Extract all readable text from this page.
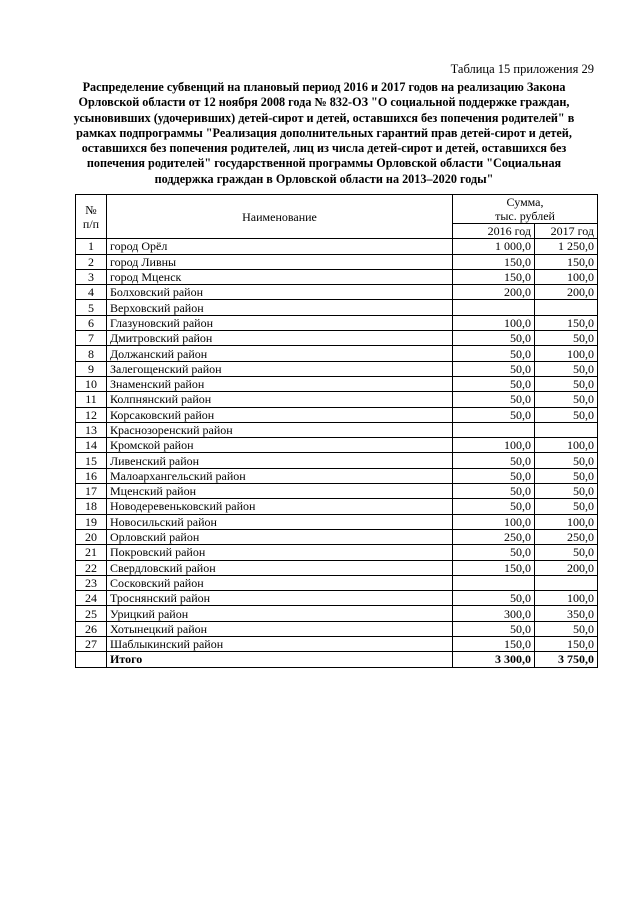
Таблица 15 приложения 29
Распределение субвенций на плановый период 2016 и 2017 годов на реализацию Закона Орловской области от 12 ноября 2008 года № 832-ОЗ "О социальной поддержке граждан, усыновивших (удочеривших) детей-сирот и детей, оставшихся без попечения родителей" в рамках подпрограммы "Реализация дополнительных гарантий прав детей-сирот и детей, оставшихся без попечения родителей, лиц из числа детей-сирот и детей, оставшихся без попечения родителей" государственной программы Орловской области "Социальная поддержка граждан в Орловской области на 2013–2020 годы"
№
п/п	Наименование	Сумма,
тыс. рублей	
		2016 год	2017 год
1	город Орёл	1 000,0	1 250,0
2	город Ливны	150,0	150,0
3	город Мценск	150,0	100,0
4	Болховский район	200,0	200,0
5	Верховский район		
6	Глазуновский район	100,0	150,0
7	Дмитровский район	50,0	50,0
8	Должанский район	50,0	100,0
9	Залегощенский район	50,0	50,0
10	Знаменский район	50,0	50,0
11	Колпнянский район	50,0	50,0
12	Корсаковский район	50,0	50,0
13	Краснозоренский район		
14	Кромской район	100,0	100,0
15	Ливенский район	50,0	50,0
16	Малоархангельский район	50,0	50,0
17	Мценский район	50,0	50,0
18	Новодеревеньковский район	50,0	50,0
19	Новосильский район	100,0	100,0
20	Орловский район	250,0	250,0
21	Покровский район	50,0	50,0
22	Свердловский район	150,0	200,0
23	Сосковский район		
24	Троснянский район	50,0	100,0
25	Урицкий район	300,0	350,0
26	Хотынецкий район	50,0	50,0
27	Шаблыкинский район	150,0	150,0
	Итого	3 300,0	3 750,0
